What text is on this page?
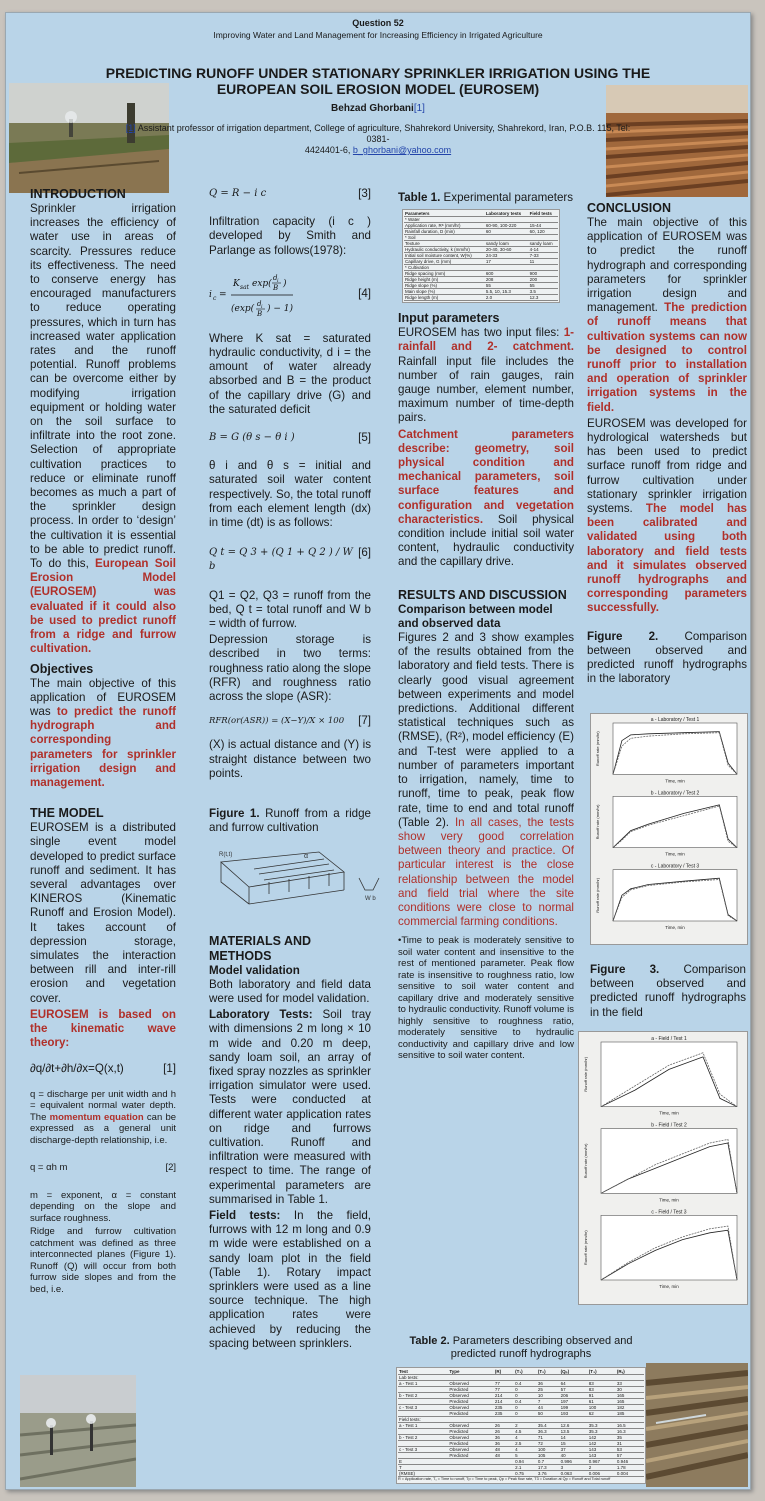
Question 52
Improving Water and Land Management for Increasing Efficiency in Irrigated Agriculture
PREDICTING RUNOFF UNDER STATIONARY SPRINKLER IRRIGATION USING THE EUROPEAN SOIL EROSION MODEL (EUROSEM)
Behzad Ghorbani[1]
[1] Assistant professor of irrigation department, College of agriculture, Shahrekord University, Shahrekord, Iran, P.O.B. 115, Tel: 0381-
4424401-6, b_ghorbani@yahoo.com
INTRODUCTION

Sprinkler irrigation increases the efficiency of water use in areas of scarcity. Pressures reduce its effectiveness. The need to conserve energy has encouraged manufacturers to reduce operating pressures, which in turn has increased water application rates and the runoff potential. Runoff problems can be overcome either by modifying irrigation equipment or holding water on the soil surface to infiltrate into the root zone. Selection of appropriate cultivation practices to reduce or eliminate runoff becomes as much a part of the sprinkler design process. In order to ‘design’ the cultivation it is essential to be able to predict runoff. To do this, European Soil Erosion Model (EUROSEM) was evaluated if it could also be used to predict runoff from a ridge and furrow cultivation.

Objectives

The main objective of this application of EUROSEM was to predict the runoff hydrograph and corresponding parameters for sprinkler irrigation design and management.

THE MODEL

EUROSEM is a distributed single event model developed to predict surface runoff and sediment. It has several advantages over KINEROS (Kinematic Runoff and Erosion Model). It takes account of depression storage, simulates the interaction between rill and inter-rill erosion and vegetation cover.

EUROSEM is based on the kinematic wave theory:

∂q/∂t+∂h/∂x=Q(x,t)	[1]

q = discharge per unit width and h = equivalent normal water depth. The momentum equation can be expressed as a general unit discharge-depth relationship, i.e.

q = αh m	[2]

m = exponent, α = constant depending on the slope and surface roughness.

Ridge and furrow cultivation catchment was defined as three interconnected planes (Figure 1). Runoff (Q) will occur from both furrow side slopes and from the bed, i.e.

Q = R − i c	[3]

Infiltration capacity (i c ) developed by Smith and Parlange as follows(1978):

i c =
K sat exp(
d i
B )
(exp( d i
B ) − 1)
[4]

Where K sat = saturated hydraulic conductivity, d i = the amount of water already absorbed and B = the product of the capillary drive (G) and the saturated deficit

B = G (θ s − θ i )	[5]

θ i and θ s = initial and saturated soil water content respectively. So, the total runoff from each element length (dx) in time (dt) is as follows:

Q t = Q 3 + (Q 1 + Q 2 ) / W b
[6]

Q1 = Q2, Q3 = runoff from the bed, Q t = total runoff and W b = width of furrow.

Depression storage is described in two terms: roughness ratio along the slope (RFR) and roughness ratio across the slope (ASR):

RFR(or(ASR)) = (X−Y)/X × 100 [7]

(X) is actual distance and (Y) is straight distance between two points.

Figure 1. Runoff from a ridge and furrow cultivation

R(t,t)	α
W b
MATERIALS AND METHODS
Model validation

Both laboratory and field data were used for model validation.

Laboratory Tests: Soil tray with dimensions 2 m long × 10 m wide and 0.20 m deep, sandy loam soil, an array of fixed spray nozzles as sprinkler irrigation simulator were used. Tests were conducted at different water application rates on ridge and furrows cultivation. Runoff and infiltration were measured with respect to time. The range of experimental parameters are summarised in Table 1.

Field tests: In the field, furrows with 12 m long and 0.9 m wide were established on a sandy loam plot in the field (Table 1). Rotary impact sprinklers were used as a line source technique. The high application rates were achieved by reducing the spacing between sprinklers.

Table 1. Experimental parameters

Parameters	Laboratory tests	Field tests
* Water		
Application rate, Rᵃ (mm/hr)	60-90, 100-220	15-44
Rainfall duration, D (min)	60	60, 120
* Soil		
Texture	sandy loam	sandy loam
Hydraulic conductivity, k (mm/hr)	20-40, 30-60	4-14
Initial soil moisture content, W(%)	24-33	7-33
Capillary drive, G (mm)	17	11
* Cultivation		
Ridge spacing (mm)	600	900
Ridge height (m)	208	200
Ridge slope (%)	55	55
Main slope (%)	5.5, 10, 15.3	3.5
Ridge length (m)	2.0	12.3
Input parameters

EUROSEM has two input files: 1- rainfall and 2- catchment. Rainfall input file includes the number of rain gauges, rain gauge number, element number, maximum number of time-depth pairs.

Catchment parameters describe: geometry, soil physical condition and mechanical parameters, soil surface features and configuration and vegetation characteristics. Soil physical condition include initial soil water content, hydraulic conductivity and the capillary drive.

RESULTS AND DISCUSSION
Comparison between model and observed data

Figures 2 and 3 show examples of the results obtained from the laboratory and field tests. There is clearly good visual agreement between experiments and model predictions. Additional different statistical techniques such as (RMSE), (R²), model efficiency (E) and T-test were applied to a number of parameters important to irrigation, namely, time to runoff, time to peak, peak flow rate, time to end and total runoff (Table 2). In all cases, the tests show very good correlation between theory and practice. Of particular interest is the close relationship between the model and field trial where the site conditions were close to normal commercial farming conditions.

•Time to peak is moderately sensitive to soil water content and insensitive to the rest of mentioned parameter. Peak flow rate is insensitive to roughness ratio, low sensitive to soil water content and capillary drive and moderately sensitive to hydraulic conductivity. Runoff volume is highly sensitive to roughness ratio, moderately sensitive to hydraulic conductivity and capillary drive and low sensitive to soil water content.

Table 2. Parameters describing observed and predicted runoff hydrographs
Test	Type	(R)	(T₁)	(T₂)	(Qₚ)	(T₃)	(Rᵥ)
Lab tests:							
a - Test 1	Observed	77	0.4	36	64	83	33
	Predicted	77	0	25	57	83	30
b - Test 2	Observed	214	0	10	206	91	165
	Predicted	214	0.4	7	197	61	165
c - Test 3	Observed	235	0	44	199	100	182
	Predicted	235	0	50	193	62	185
Field tests:							
a - Test 1	Observed	26	2	35.4	12.6	35.3	16.5
	Predicted	26	4.5	36.3	13.5	35.3	16.3
b - Test 2	Observed	36	4	71	14	142	35
	Predicted	36	2.5	72	15	142	31
c - Test 3	Observed	48	4	100	37	143	53
	Predicted	48	5	105	40	143	57
E			0.94	0.7	0.996	0.967	0.946
T			2.1	17.3	3	2	1.78
(RMSE)			0.75	3.76	0.063	0.006	0.004
R = Application rate, T₁ = Time to runoff, Tp = Time to peak, Qp = Peak flow rate, T3 = Duration at Qp = Runoff and Total runoff
CONCLUSION

The main objective of this application of EUROSEM was to predict the runoff hydrograph and corresponding parameters for sprinkler irrigation design and management. The prediction of runoff means that cultivation systems can now be designed to control runoff prior to installation and operation of sprinkler irrigation systems in the field.

EUROSEM was developed for hydrological watersheds but has been used to predict surface runoff from ridge and furrow cultivation under stationary sprinkler irrigation systems. The model has been calibrated and validated using both laboratory and field tests and it simulates observed runoff hydrographs and corresponding parameters successfully.

Figure 2. Comparison between observed and predicted runoff hydrographs in the laboratory

a - Laboratory / Test 1
Time, min
Runoff rate (mm/hr)
b - Laboratory / Test 2
Time, min
Runoff rate (mm/hr)
c - Laboratory / Test 3
Time, min
Runoff rate (mm/hr)

Figure 3. Comparison between observed and predicted runoff hydrographs in the field

a - Field / Test 1
Time, min
Runoff rate (mm/hr)
b - Field / Test 2
Time, min
Runoff rate (mm/hr)
c - Field / Test 3
Time, min
Runoff rate (mm/hr)
